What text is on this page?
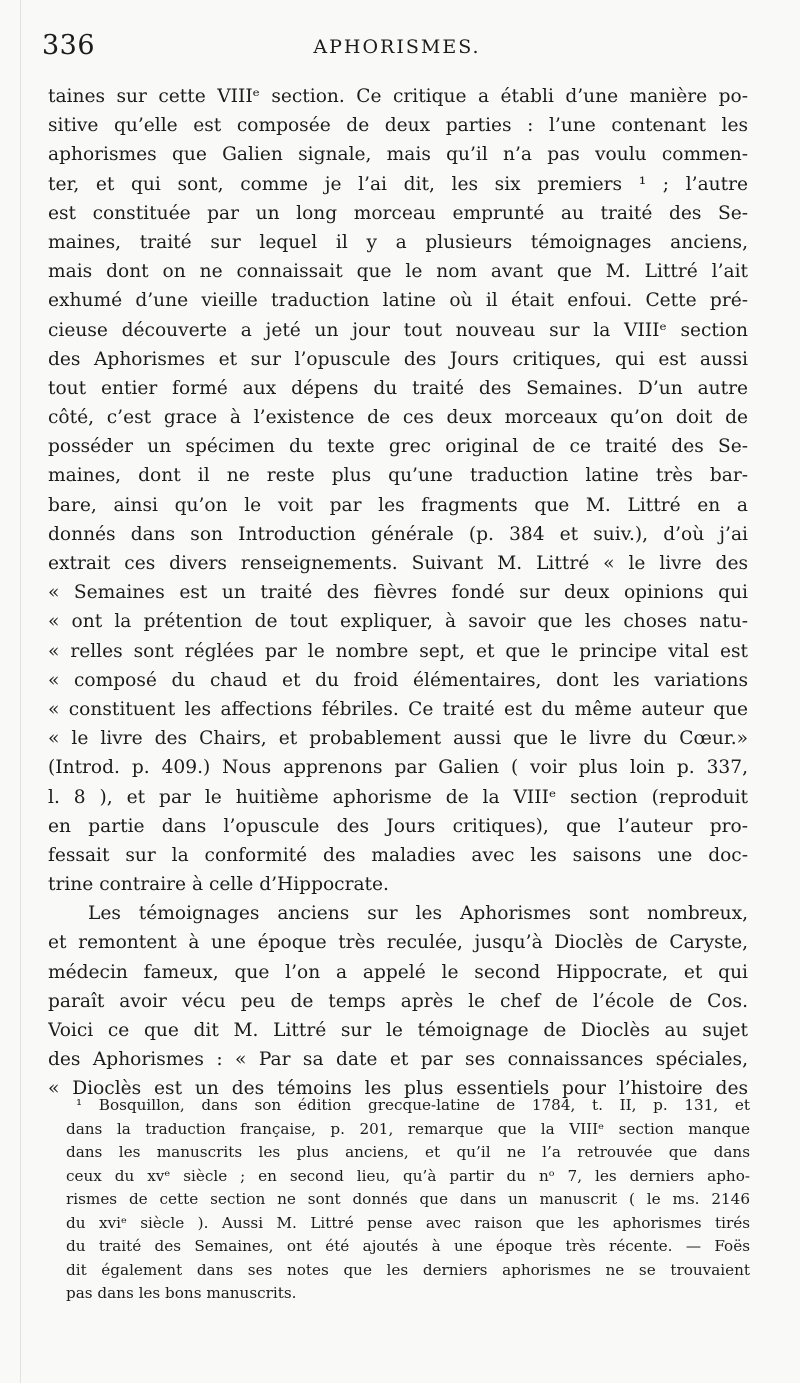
336	APHORISMES.
taines sur cette VIIIᵉ section. Ce critique a établi d’une manière po-
sitive qu’elle est composée de deux parties : l’une contenant les
aphorismes que Galien signale, mais qu’il n’a pas voulu commen-
ter, et qui sont, comme je l’ai dit, les six premiers ¹ ; l’autre
est constituée par un long morceau emprunté au traité des Se-
maines, traité sur lequel il y a plusieurs témoignages anciens,
mais dont on ne connaissait que le nom avant que M. Littré l’ait
exhumé d’une vieille traduction latine où il était enfoui. Cette pré-
cieuse découverte a jeté un jour tout nouveau sur la VIIIᵉ section
des Aphorismes et sur l’opuscule des Jours critiques, qui est aussi
tout entier formé aux dépens du traité des Semaines. D’un autre
côté, c’est grace à l’existence de ces deux morceaux qu’on doit de
posséder un spécimen du texte grec original de ce traité des Se-
maines, dont il ne reste plus qu’une traduction latine très bar-
bare, ainsi qu’on le voit par les fragments que M. Littré en a
donnés dans son Introduction générale (p. 384 et suiv.), d’où j’ai
extrait ces divers renseignements. Suivant M. Littré « le livre des
« Semaines est un traité des fièvres fondé sur deux opinions qui
« ont la prétention de tout expliquer, à savoir que les choses natu-
« relles sont réglées par le nombre sept, et que le principe vital est
« composé du chaud et du froid élémentaires, dont les variations
« constituent les affections fébriles. Ce traité est du même auteur que
« le livre des Chairs, et probablement aussi que le livre du Cœur.»
(Introd. p. 409.) Nous apprenons par Galien ( voir plus loin p. 337,
l. 8 ), et par le huitième aphorisme de la VIIIᵉ section (reproduit
en partie dans l’opuscule des Jours critiques), que l’auteur pro-
fessait sur la conformité des maladies avec les saisons une doc-
trine contraire à celle d’Hippocrate.
Les témoignages anciens sur les Aphorismes sont nombreux,
et remontent à une époque très reculée, jusqu’à Dioclès de Caryste,
médecin fameux, que l’on a appelé le second Hippocrate, et qui
paraît avoir vécu peu de temps après le chef de l’école de Cos.
Voici ce que dit M. Littré sur le témoignage de Dioclès au sujet
des Aphorismes : « Par sa date et par ses connaissances spéciales,
« Dioclès est un des témoins les plus essentiels pour l’histoire des
¹ Bosquillon, dans son édition grecque-latine de 1784, t. II, p. 131, et
dans la traduction française, p. 201, remarque que la VIIIᵉ section manque
dans les manuscrits les plus anciens, et qu’il ne l’a retrouvée que dans
ceux du xvᵉ siècle ; en second lieu, qu’à partir du nᵒ 7, les derniers apho-
rismes de cette section ne sont donnés que dans un manuscrit ( le ms. 2146
du xviᵉ siècle ). Aussi M. Littré pense avec raison que les aphorismes tirés
du traité des Semaines, ont été ajoutés à une époque très récente. — Foës
dit également dans ses notes que les derniers aphorismes ne se trouvaient
pas dans les bons manuscrits.
